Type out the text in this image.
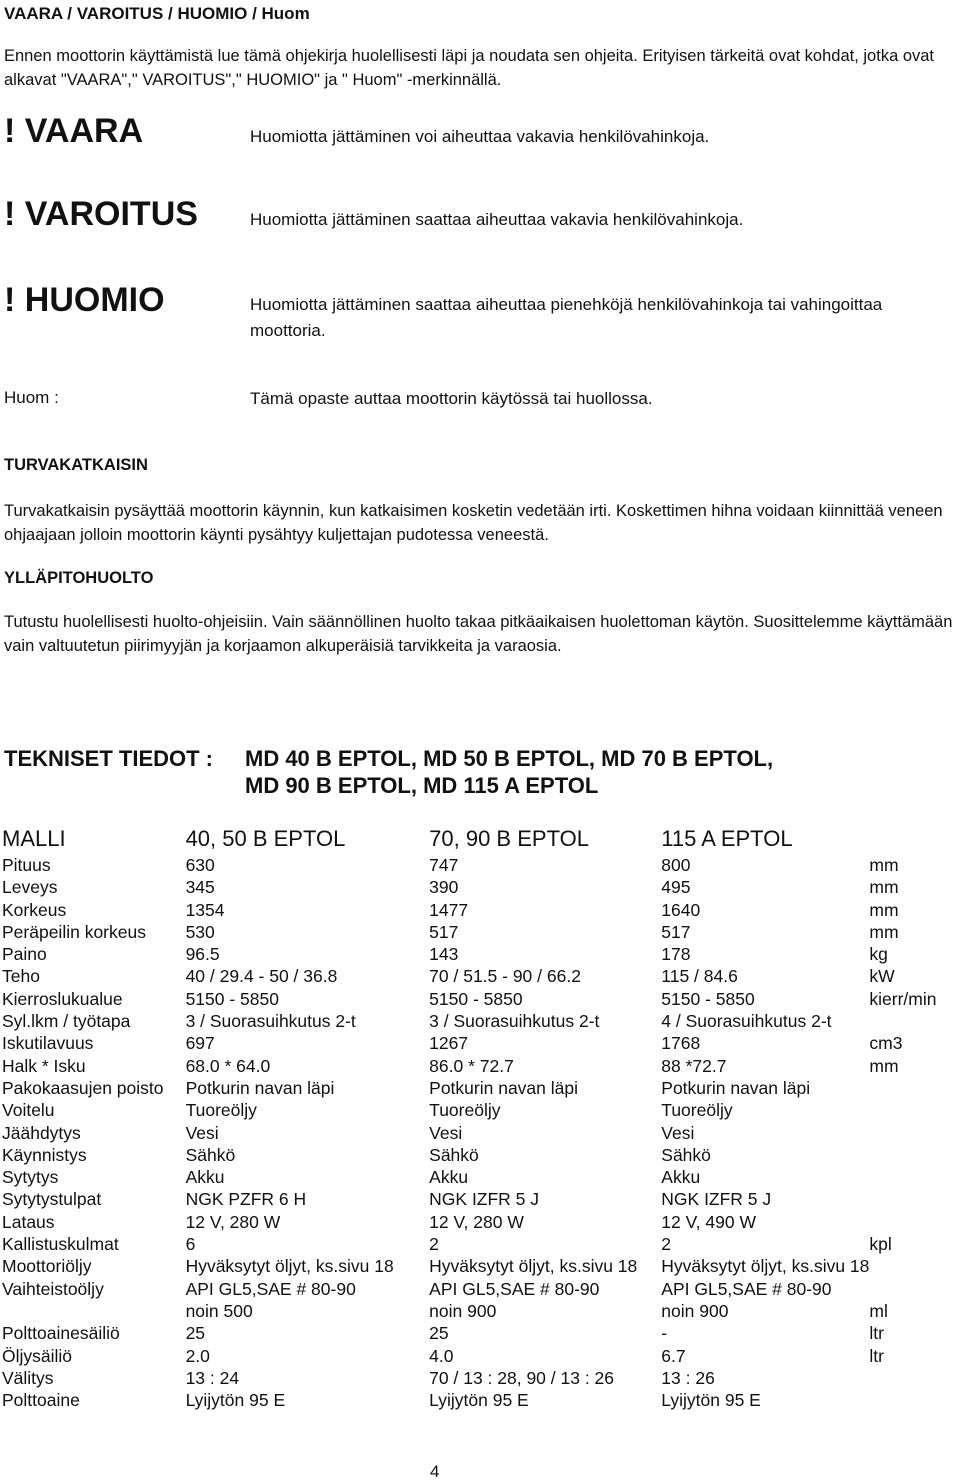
VAARA / VAROITUS / HUOMIO / Huom
Ennen moottorin käyttämistä lue tämä ohjekirja huolellisesti läpi ja noudata sen ohjeita. Erityisen tärkeitä ovat kohdat, jotka ovat alkavat "VAARA"," VAROITUS"," HUOMIO" ja " Huom" -merkinnällä.
! VAARA	Huomiotta jättäminen voi aiheuttaa vakavia henkilövahinkoja.
! VAROITUS	Huomiotta jättäminen saattaa aiheuttaa vakavia henkilövahinkoja.
! HUOMIO	Huomiotta jättäminen saattaa aiheuttaa pienehköjä henkilövahinkoja tai vahingoittaa moottoria.
Huom :	Tämä opaste auttaa moottorin käytössä tai huollossa.
TURVAKATKAISIN
Turvakatkaisin pysäyttää moottorin käynnin, kun katkaisimen kosketin vedetään irti. Koskettimen hihna voidaan kiinnittää veneen ohjaajaan jolloin moottorin käynti pysähtyy kuljettajan pudotessa veneestä.
YLLÄPITOHUOLTO
Tutustu huolellisesti huolto-ohjeisiin. Vain säännöllinen huolto takaa pitkäaikaisen huolettoman käytön. Suosittelemme käyttämään vain valtuutetun piirimyyjän ja korjaamon alkuperäisiä tarvikkeita ja varaosia.
TEKNISET TIEDOT : MD 40 B EPTOL, MD 50 B EPTOL, MD 70 B EPTOL,
MD 90 B EPTOL, MD 115 A EPTOL
MALLI	40, 50 B EPTOL	70, 90 B EPTOL	115 A EPTOL	
Pituus	630	747	800	mm
Leveys	345	390	495	mm
Korkeus	1354	1477	1640	mm
Peräpeilin korkeus	530	517	517	mm
Paino	96.5	143	178	kg
Teho	40 / 29.4 - 50 / 36.8	70 / 51.5 - 90 / 66.2	115 / 84.6	kW
Kierroslukualue	5150 - 5850	5150 - 5850	5150 - 5850	kierr/min
Syl.lkm / työtapa	3 / Suorasuihkutus 2-t	3 / Suorasuihkutus 2-t	4 / Suorasuihkutus 2-t	
Iskutilavuus	697	1267	1768	cm3
Halk * Isku	68.0 * 64.0	86.0 * 72.7	88 *72.7	mm
Pakokaasujen poisto	Potkurin navan läpi	Potkurin navan läpi	Potkurin navan läpi	
Voitelu	Tuoreöljy	Tuoreöljy	Tuoreöljy	
Jäähdytys	Vesi	Vesi	Vesi	
Käynnistys	Sähkö	Sähkö	Sähkö	
Sytytys	Akku	Akku	Akku	
Sytytystulpat	NGK PZFR 6 H	NGK IZFR 5 J	NGK IZFR 5 J	
Lataus	12 V, 280 W	12 V, 280 W	12 V, 490 W	
Kallistuskulmat	6	2	2	kpl
Moottoriöljy	Hyväksytyt öljyt, ks.sivu 18	Hyväksytyt öljyt, ks.sivu 18	Hyväksytyt öljyt, ks.sivu 18	
Vaihteistoöljy	API GL5,SAE # 80-90	API GL5,SAE # 80-90	API GL5,SAE # 80-90	
	noin 500	noin 900	noin 900	ml
Polttoainesäiliö	25	25	-	ltr
Öljysäiliö	2.0	4.0	6.7	ltr
Välitys	13 : 24	70 / 13 : 28, 90 / 13 : 26	13 : 26	
Polttoaine	Lyijytön 95 E	Lyijytön 95 E	Lyijytön 95 E	
4
